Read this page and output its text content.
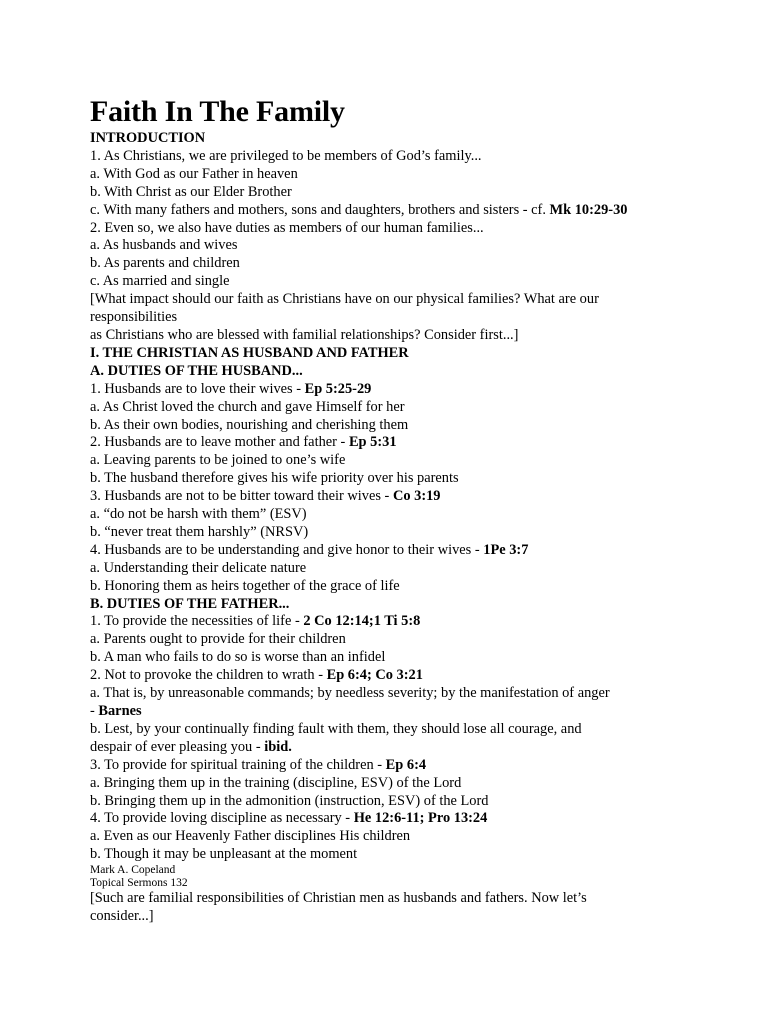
Faith In The Family
INTRODUCTION
1. As Christians, we are privileged to be members of God’s family...
a. With God as our Father in heaven
b. With Christ as our Elder Brother
c. With many fathers and mothers, sons and daughters, brothers and sisters - cf. Mk 10:29-30
2. Even so, we also have duties as members of our human families...
a. As husbands and wives
b. As parents and children
c. As married and single
[What impact should our faith as Christians have on our physical families? What are our
responsibilities
as Christians who are blessed with familial relationships? Consider first...]
I. THE CHRISTIAN AS HUSBAND AND FATHER
A. DUTIES OF THE HUSBAND...
1. Husbands are to love their wives - Ep 5:25-29
a. As Christ loved the church and gave Himself for her
b. As their own bodies, nourishing and cherishing them
2. Husbands are to leave mother and father - Ep 5:31
a. Leaving parents to be joined to one’s wife
b. The husband therefore gives his wife priority over his parents
3. Husbands are not to be bitter toward their wives - Co 3:19
a. “do not be harsh with them” (ESV)
b. “never treat them harshly” (NRSV)
4. Husbands are to be understanding and give honor to their wives - 1Pe 3:7
a. Understanding their delicate nature
b. Honoring them as heirs together of the grace of life
B. DUTIES OF THE FATHER...
1. To provide the necessities of life - 2 Co 12:14;1 Ti 5:8
a. Parents ought to provide for their children
b. A man who fails to do so is worse than an infidel
2. Not to provoke the children to wrath - Ep 6:4; Co 3:21
a. That is, by unreasonable commands; by needless severity; by the manifestation of anger
- Barnes
b. Lest, by your continually finding fault with them, they should lose all courage, and
despair of ever pleasing you - ibid.
3. To provide for spiritual training of the children - Ep 6:4
a. Bringing them up in the training (discipline, ESV) of the Lord
b. Bringing them up in the admonition (instruction, ESV) of the Lord
4. To provide loving discipline as necessary - He 12:6-11; Pro 13:24
a. Even as our Heavenly Father disciplines His children
b. Though it may be unpleasant at the moment
Mark A. Copeland
Topical Sermons 132
[Such are familial responsibilities of Christian men as husbands and fathers. Now let’s
consider...]
